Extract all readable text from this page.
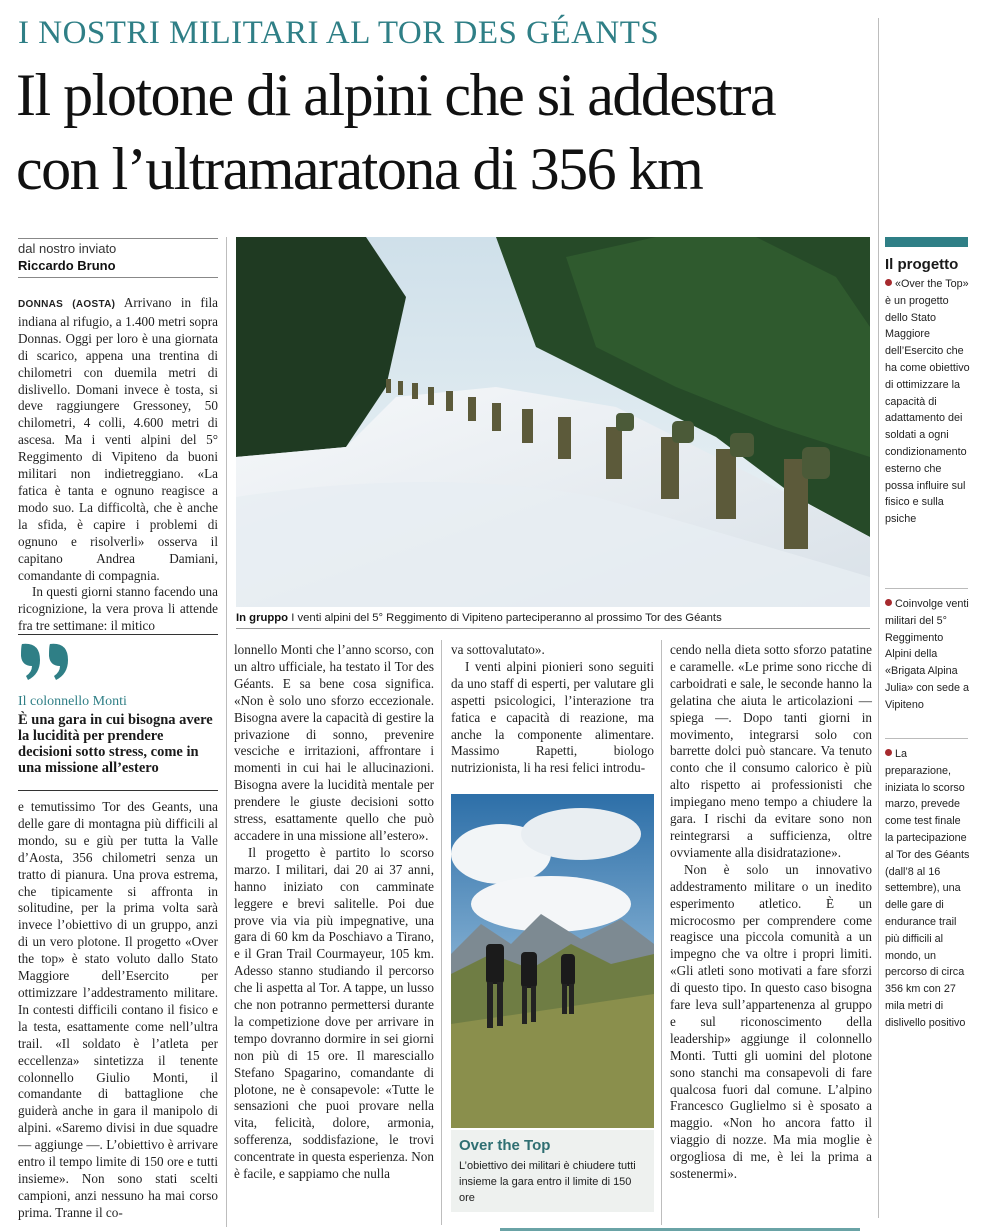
I NOSTRI MILITARI AL TOR DES GÉANTS
Il plotone di alpini che si addestra
con l’ultramaratona di 356 km
dal nostro inviato
Riccardo Bruno

DONNAS (AOSTA) Arrivano in fila indiana al rifugio, a 1.400 metri sopra Donnas. Oggi per loro è una giornata di scarico, appena una trentina di chilometri con duemila metri di dislivello. Domani invece è tosta, si deve raggiungere Gressoney, 50 chilometri, 4 colli, 4.600 metri di ascesa. Ma i venti alpini del 5° Reggimento di Vipiteno da buoni militari non indietreggiano. «La fatica è tanta e ognuno reagisce a modo suo. La difficoltà, che è anche la sfida, è capire i problemi di ognuno e risolverli» osserva il capitano Andrea Damiani, comandante di compagnia.

In questi giorni stanno facendo una ricognizione, la vera prova li attende fra tre settimane: il mitico

Il colonnello Monti
È una gara in cui bisogna avere la lucidità per prendere decisioni sotto stress, come in una missione all’estero

e temutissimo Tor des Geants, una delle gare di montagna più difficili al mondo, su e giù per tutta la Valle d’Aosta, 356 chilometri senza un tratto di pianura. Una prova estrema, che tipicamente si affronta in solitudine, per la prima volta sarà invece l’obiettivo di un gruppo, anzi di un vero plotone. Il progetto «Over the top» è stato voluto dallo Stato Maggiore dell’Esercito per ottimizzare l’addestramento militare. In contesti difficili contano il fisico e la testa, esattamente come nell’ultra trail. «Il soldato è l’atleta per eccellenza» sintetizza il tenente colonnello Giulio Monti, il comandante di battaglione che guiderà anche in gara il manipolo di alpini. «Saremo divisi in due squadre — aggiunge —. L’obiettivo è arrivare entro il tempo limite di 150 ore e tutti insieme». Non sono stati scelti campioni, anzi nessuno ha mai corso prima. Tranne il co-

In gruppo I venti alpini del 5° Reggimento di Vipiteno parteciperanno al prossimo Tor des Géants

lonnello Monti che l’anno scorso, con un altro ufficiale, ha testato il Tor des Géants. E sa bene cosa significa. «Non è solo uno sforzo eccezionale. Bisogna avere la capacità di gestire la privazione di sonno, prevenire vesciche e irritazioni, affrontare i momenti in cui hai le allucinazioni. Bisogna avere la lucidità mentale per prendere le giuste decisioni sotto stress, esattamente quello che può accadere in una missione all’estero».

Il progetto è partito lo scorso marzo. I militari, dai 20 ai 37 anni, hanno iniziato con camminate leggere e brevi salitelle. Poi due prove via via più impegnative, una gara di 60 km da Poschiavo a Tirano, e il Gran Trail Courmayeur, 105 km. Adesso stanno studiando il percorso che li aspetta al Tor. A tappe, un lusso che non potranno permettersi durante la competizione dove per arrivare in tempo dovranno dormire in sei giorni non più di 15 ore. Il maresciallo Stefano Spagarino, comandante di plotone, ne è consapevole: «Tutte le sensazioni che puoi provare nella vita, felicità, dolore, armonia, sofferenza, soddisfazione, le trovi concentrate in questa esperienza. Non è facile, e sappiamo che nulla

va sottovalutato».

I venti alpini pionieri sono seguiti da uno staff di esperti, per valutare gli aspetti psicologici, l’interazione tra fatica e capacità di reazione, ma anche la componente alimentare. Massimo Rapetti, biologo nutrizionista, li ha resi felici introdu-

Over the Top
L’obiettivo dei militari è chiudere tutti insieme la gara entro il limite di 150 ore

cendo nella dieta sotto sforzo patatine e caramelle. «Le prime sono ricche di carboidrati e sale, le seconde hanno la gelatina che aiuta le articolazioni — spiega —. Dopo tanti giorni in movimento, integrarsi solo con barrette dolci può stancare. Va tenuto conto che il consumo calorico è più alto rispetto ai professionisti che impiegano meno tempo a chiudere la gara. I rischi da evitare sono non reintegrarsi a sufficienza, oltre ovviamente alla disidratazione».

Non è solo un innovativo addestramento militare o un inedito esperimento atletico. È un microcosmo per comprendere come reagisce una piccola comunità a un impegno che va oltre i propri limiti. «Gli atleti sono motivati a fare sforzi di questo tipo. In questo caso bisogna fare leva sull’appartenenza al gruppo e sul riconoscimento della leadership» aggiunge il colonnello Monti. Tutti gli uomini del plotone sono stanchi ma consapevoli di fare qualcosa fuori dal comune. L’alpino Francesco Guglielmo si è sposato a maggio. «Non ho ancora fatto il viaggio di nozze. Ma mia moglie è orgogliosa di me, è lei la prima a sostenermi».

Il progetto
«Over the Top» è un progetto dello Stato Maggiore dell’Esercito che ha come obiettivo di ottimizzare la capacità di adattamento dei soldati a ogni condizionamento esterno che possa influire sul fisico e sulla psiche
Coinvolge venti militari del 5° Reggimento Alpini della «Brigata Alpina Julia» con sede a Vipiteno
La preparazione, iniziata lo scorso marzo, prevede come test finale la partecipazione al Tor des Géants (dall’8 al 16 settembre), una delle gare di endurance trail più difficili al mondo, un percorso di circa 356 km con 27 mila metri di dislivello positivo
